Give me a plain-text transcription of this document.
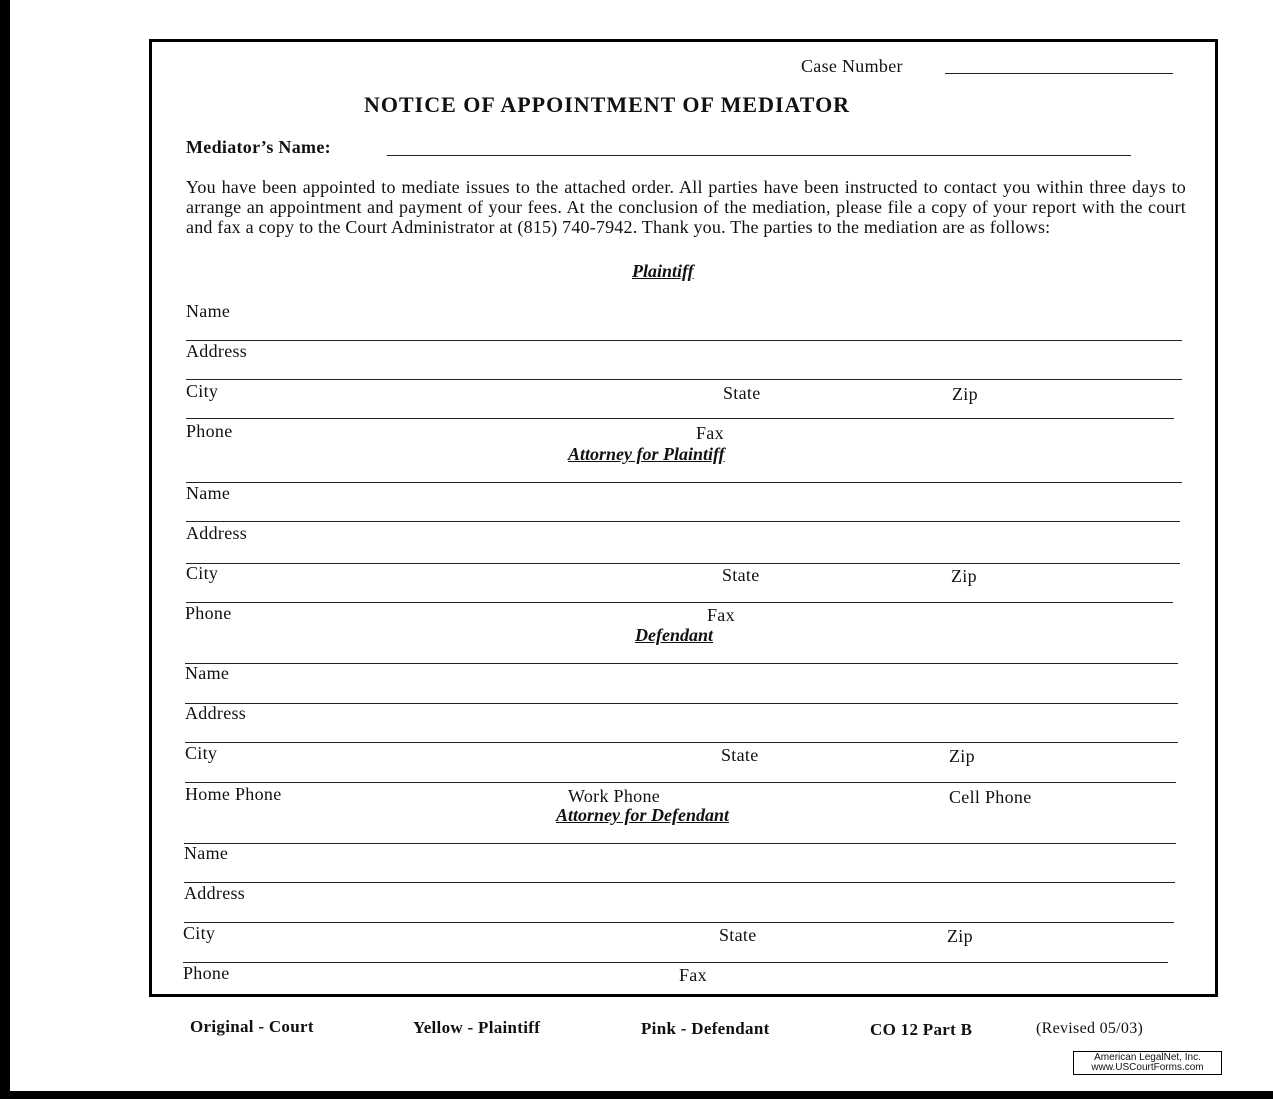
Case Number
NOTICE OF APPOINTMENT OF MEDIATOR
Mediator’s Name:
You have been appointed to mediate issues to the attached order. All parties have been instructed to contact you within three days to arrange an appointment and payment of your fees. At the conclusion of the mediation, please file a copy of your report with the court and fax a copy to the Court Administrator at (815) 740-7942. Thank you. The parties to the mediation are as follows:
Plaintiff
Name
Address
City	State	Zip
Phone	Fax
Attorney for Plaintiff
Name
Address
City	State	Zip
Phone	Fax
Defendant
Name
Address
City	State	Zip
Home Phone	Work Phone	Cell Phone
Attorney for Defendant
Name
Address
City	State	Zip
Phone	Fax
Original - Court	Yellow - Plaintiff	Pink - Defendant	CO 12 Part B	(Revised 05/03)
American LegalNet, Inc.
www.USCourtForms.com
